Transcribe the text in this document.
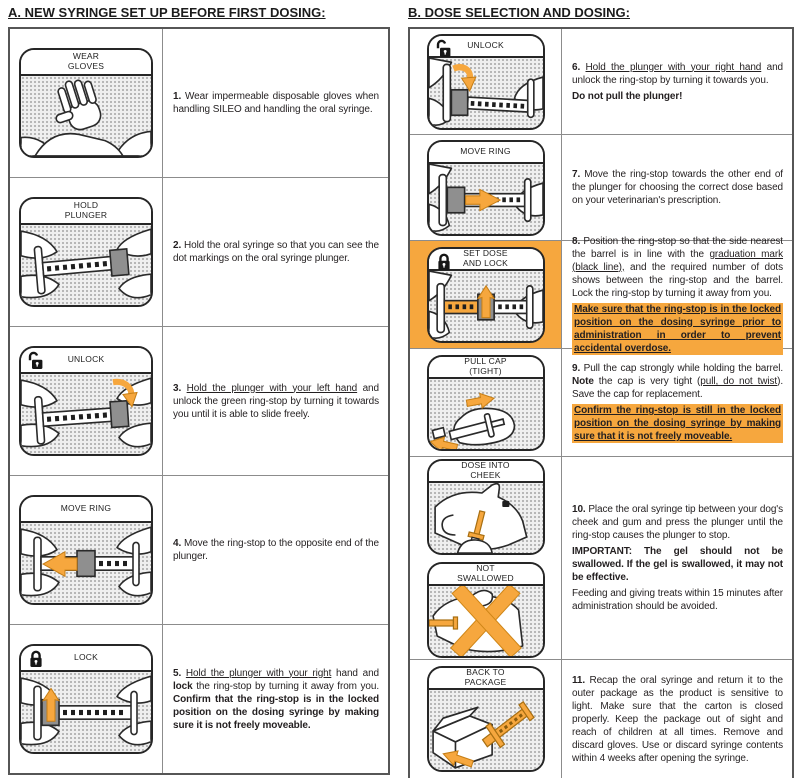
A. NEW SYRINGE SET UP BEFORE FIRST DOSING:
WEAR GLOVES

1. Wear impermeable disposable gloves when handling SILEO and handling the oral syringe.

HOLD PLUNGER

2. Hold the oral syringe so that you can see the dot markings on the oral syringe plunger.

UNLOCK

3. Hold the plunger with your left hand and unlock the green ring-stop by turning it towards you until it is able to slide freely.

MOVE RING

4. Move the ring-stop to the opposite end of the plunger.

LOCK

5. Hold the plunger with your right hand and lock the ring-stop by turning it away from you. Confirm that the ring-stop is in the locked position on the dosing syringe by making sure it is not freely moveable.

B. DOSE SELECTION AND DOSING:
UNLOCK

6. Hold the plunger with your right hand and unlock the ring-stop by turning it towards you.

Do not pull the plunger!

MOVE RING

7. Move the ring-stop towards the other end of the plunger for choosing the correct dose based on your veterinarian's prescription.

SET DOSE AND LOCK

8. Position the ring-stop so that the side nearest the barrel is in line with the graduation mark (black line), and the required number of dots shows between the ring-stop and the barrel. Lock the ring-stop by turning it away from you.

Make sure that the ring-stop is in the locked position on the dosing syringe prior to administration in order to prevent accidental overdose.

PULL CAP (TIGHT)	9. Pull the cap strongly while holding the barrel. Note the cap is very tight (pull, do not twist). Save the cap for replacement.

Confirm the ring-stop is still in the locked position on the dosing syringe by making sure that it is not freely moveable.

DOSE INTO CHEEK
NOT SWALLOWED

10. Place the oral syringe tip between your dog's cheek and gum and press the plunger until the ring-stop causes the plunger to stop.

IMPORTANT: The gel should not be swallowed. If the gel is swallowed, it may not be effective.

Feeding and giving treats within 15 minutes after administration should be avoided.

BACK TO PACKAGE	11. Recap the oral syringe and return it to the outer package as the product is sensitive to light. Make sure that the carton is closed properly. Keep the package out of sight and reach of children at all times. Remove and discard gloves. Use or discard syringe contents within 4 weeks after opening the syringe.
